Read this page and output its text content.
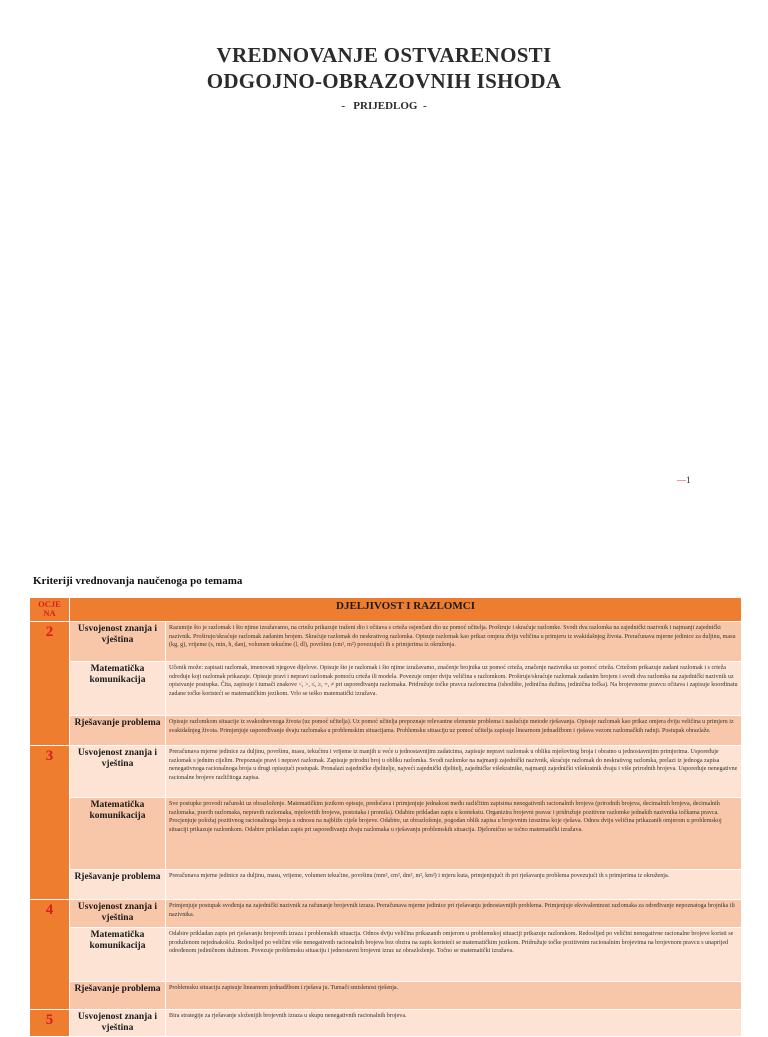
VREDNOVANJE OSTVARENOSTI
ODGOJNO-OBRAZOVNIH ISHODA
-   PRIJEDLOG  -
—1
Kriteriji vrednovanja naučenoga po temama
OCJE NA	DJELJIVOST I RAZLOMCI	
2	Usvojenost znanja i vještina	Razumije što je razlomak i što njime izražavamo, na crtežu prikazuje traženi dio i očitava s crteža osjenčani dio uz pomoć učitelja. Proširuje i skraćuje razlomke. Svodi dva razlomka na zajednički nazivnik i najmanji zajednički nazivnik. Proširuje/skraćuje razlomak zadanim brojem. Skraćuje razlomak do neskrativog razlomka. Opisuje razlomak kao prikaz omjera dviju veličina u primjeru iz svakidašnjeg života. Preračunava mjerne jedinice za duljinu, masu (kg, g), vrijeme (s, min, h, dan), volumen tekućine (l, dl), površinu (cm², m²) povezujući ih s primjerima iz okruženja.
	Matematička komunikacija	Učenik može: zapisati razlomak, imenovati njegove dijelove. Opisuje što je razlomak i što njime izražavamo, značenje brojnika uz pomoć crteža, značenje nazivnika uz pomoć crteža. Crtežom prikazuje zadani razlomak i s crteža određuje koji razlomak prikazuje. Opisuje pravi i nepravi razlomak pomoću crteža ili modela. Povezuje omjer dviju veličina s razlomkom. Proširuje/skraćuje razlomak zadanim brojem i svodi dva razlomka na zajednički nazivnik uz opisivanje postupka. Čita, zapisuje i tumači znakove <, >, ≤, ≥, =, ≠ pri uspoređivanju razlomaka. Pridružuje točke pravca razlomcima (ishodište, jedinična dužina, jedinična točka). Na brojevnome pravcu očitava i zapisuje koordinatu zadane točke koristeći se matematičkim jezikom. Vrlo se teško matematički izražava.
	Rješavanje problema	Opisuje razlomkom situacije iz svakodnevnoga života (uz pomoć učitelja). Uz pomoć učitelja prepoznaje relevantne elemente problema i naslućuje metode rješavanja. Opisuje razlomak kao prikaz omjera dviju veličina u primjeru iz svakidašnjeg života. Primjenjuje uspoređivanje dvaju razlomaka u problemskim situacijama. Problemsku situaciju uz pomoć učitelja zapisuje linearnom jednadžbom i rješava vezom razlomačkih radnji. Postupak obrazlaže.
3	Usvojenost znanja i vještina	Preračunava mjerne jedinice za duljinu, površinu, masu, tekućinu i vrijeme iz manjih u veće u jednostavnijim zadatcima, zapisuje nepravi razlomak u obliku mješovitog broja i obratno u jednostavnijim primjerima. Uspoređuje razlomak s jednim cijelim. Prepoznaje pravi i nepravi razlomak. Zapisuje prirodni broj u obliku razlomka. Svodi razlomke na najmanji zajednički nazivnik, skraćuje razlomak do neskrativog razlomka, prelazi iz jednoga zapisa nenegativnoga racionalnoga broja u drugi opisujući postupak. Pronalazi zajedničke djelitelje, najveći zajednički djelitelj, zajedničke višekratnike, najmanji zajednički višekratnik dvaju i više prirodnih brojeva. Uspoređuje nenegativne racionalne brojeve različitoga zapisa.
	Matematička komunikacija	Sve postupke provodi računski uz obrazloženje. Matematičkim jezikom opisuje, predočava i primjenjuje jednakost među različitim zapisima nenegativnih racionalnih brojeva (prirodnih brojeva, decimalnih brojeva, decimalnih razlomaka, pravih razlomaka, nepravih razlomaka, mješovitih brojeva, postotaka i promila). Odabire prikladan zapis u kontekstu. Organizira brojevni pravac i pridružuje pozitivne razlomke jednakih nazivnika točkama pravca. Procjenjuje položaj pozitivnog racionalnoga broja u odnosu na najbliže cijele brojeve. Odabire, uz obrazloženje, pogodan oblik zapisa u brojevnim izrazima koje rješava. Odnos dviju veličina prikazanih omjerom u problemskoj situaciji prikazuje razlomkom. Odabire prikladan zapis pri uspoređivanju dvaju razlomaka u rješavanju problemskih situacija. Djelomično se točno matematički izražava.
	Rješavanje problema	Preračunava mjerne jedinice za duljinu, masu, vrijeme, volumen tekućine, površinu (mm², cm², dm², m², km²) i mjeru kuta, primjenjujući ih pri rješavanju problema povezujući ih s primjerima iz okruženja.
4	Usvojenost znanja i vještina	Primjenjuje postupak svođenja na zajednički nazivnik za računanje brojevnih izraza. Preračunava mjerne jedinice pri rješavanju jednostavnijih problema. Primjenjuje ekvivalentnost razlomaka za određivanje nepoznatoga brojnika ili nazivnika.
	Matematička komunikacija	Odabire prikladan zapis pri rješavanju brojevnih izraza i problemskih situacija. Odnos dviju veličina prikazanih omjerom u problemskoj situaciji prikazuje razlomkom. Redoslijed po veličini nenegativne racionalne brojeve koristi se produženom nejednakošću. Redoslijed po veličini više nenegativnih racionalnih brojeva bez obzira na zapis koristeći se matematičkim jezikom. Pridružuje točke pozitivnim racionalnim brojevima na brojevnom pravcu s unaprijed određenom jediničnom dužinom. Povezuje problemsku situaciju i jednostavni brojevni izraz uz obrazloženje. Točno se matematički izražava.
	Rješavanje problema	Problemsku situaciju zapisuje linearnom jednadžbom i rješava ju. Tumači smislenost rješenja.
5	Usvojenost znanja i vještina	Bira strategije za rješavanje složenijih brojevnih izraza u skupu nenegativnih racionalnih brojeva.
